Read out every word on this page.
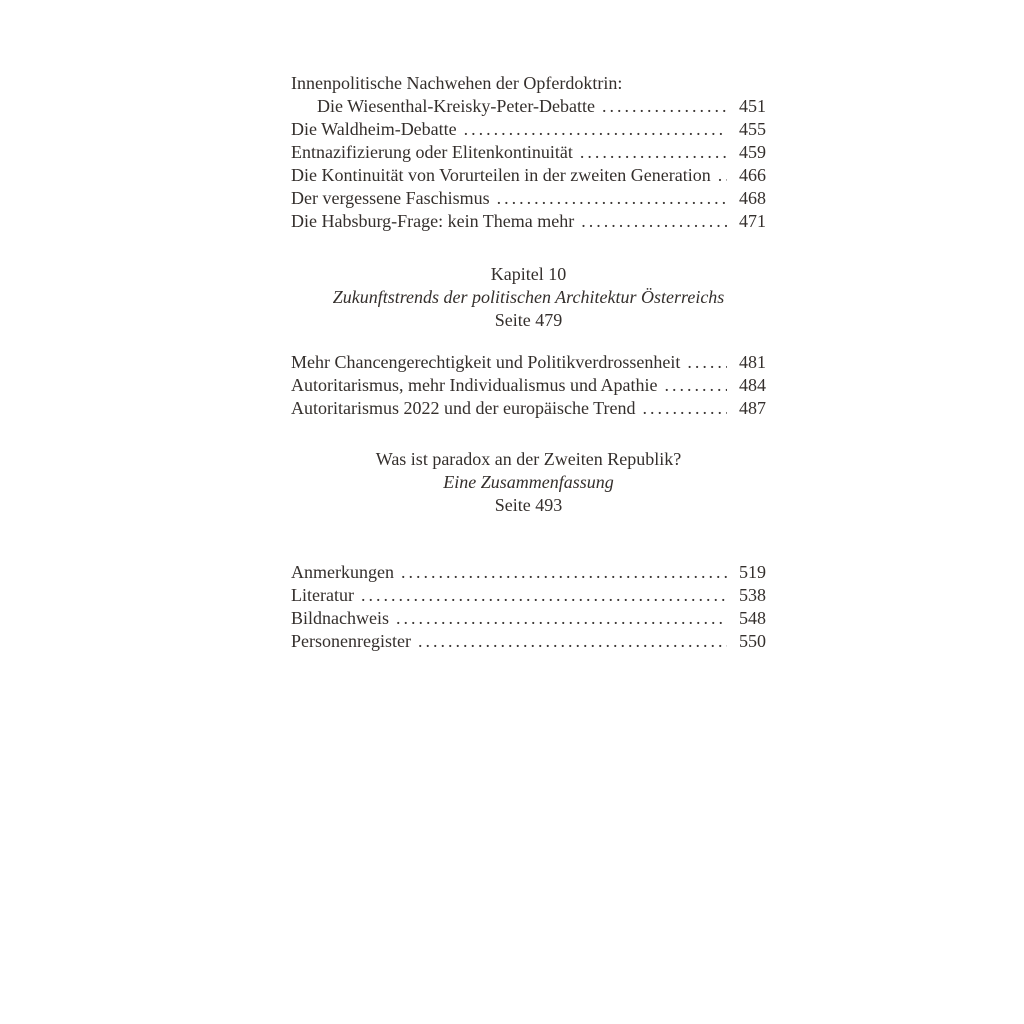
Innenpolitische Nachwehen der Opferdoktrin:
Die Wiesenthal-Kreisky-Peter-Debatte .....	451
Die Waldheim-Debatte .....	455
Entnazifizierung oder Elitenkontinuität .....	459
Die Kontinuität von Vorurteilen in der zweiten Generation ..... 466
Der vergessene Faschismus .....	468
Die Habsburg-Frage: kein Thema mehr .....	471
Kapitel 10
Zukunftstrends der politischen Architektur Österreichs
Seite 479
Mehr Chancengerechtigkeit und Politikverdrossenheit .....	481
Autoritarismus, mehr Individualismus und Apathie .....	484
Autoritarismus 2022 und der europäische Trend .....	487
Was ist paradox an der Zweiten Republik?
Eine Zusammenfassung
Seite 493
Anmerkungen .....	519
Literatur .....	538
Bildnachweis .....	548
Personenregister .....	550
